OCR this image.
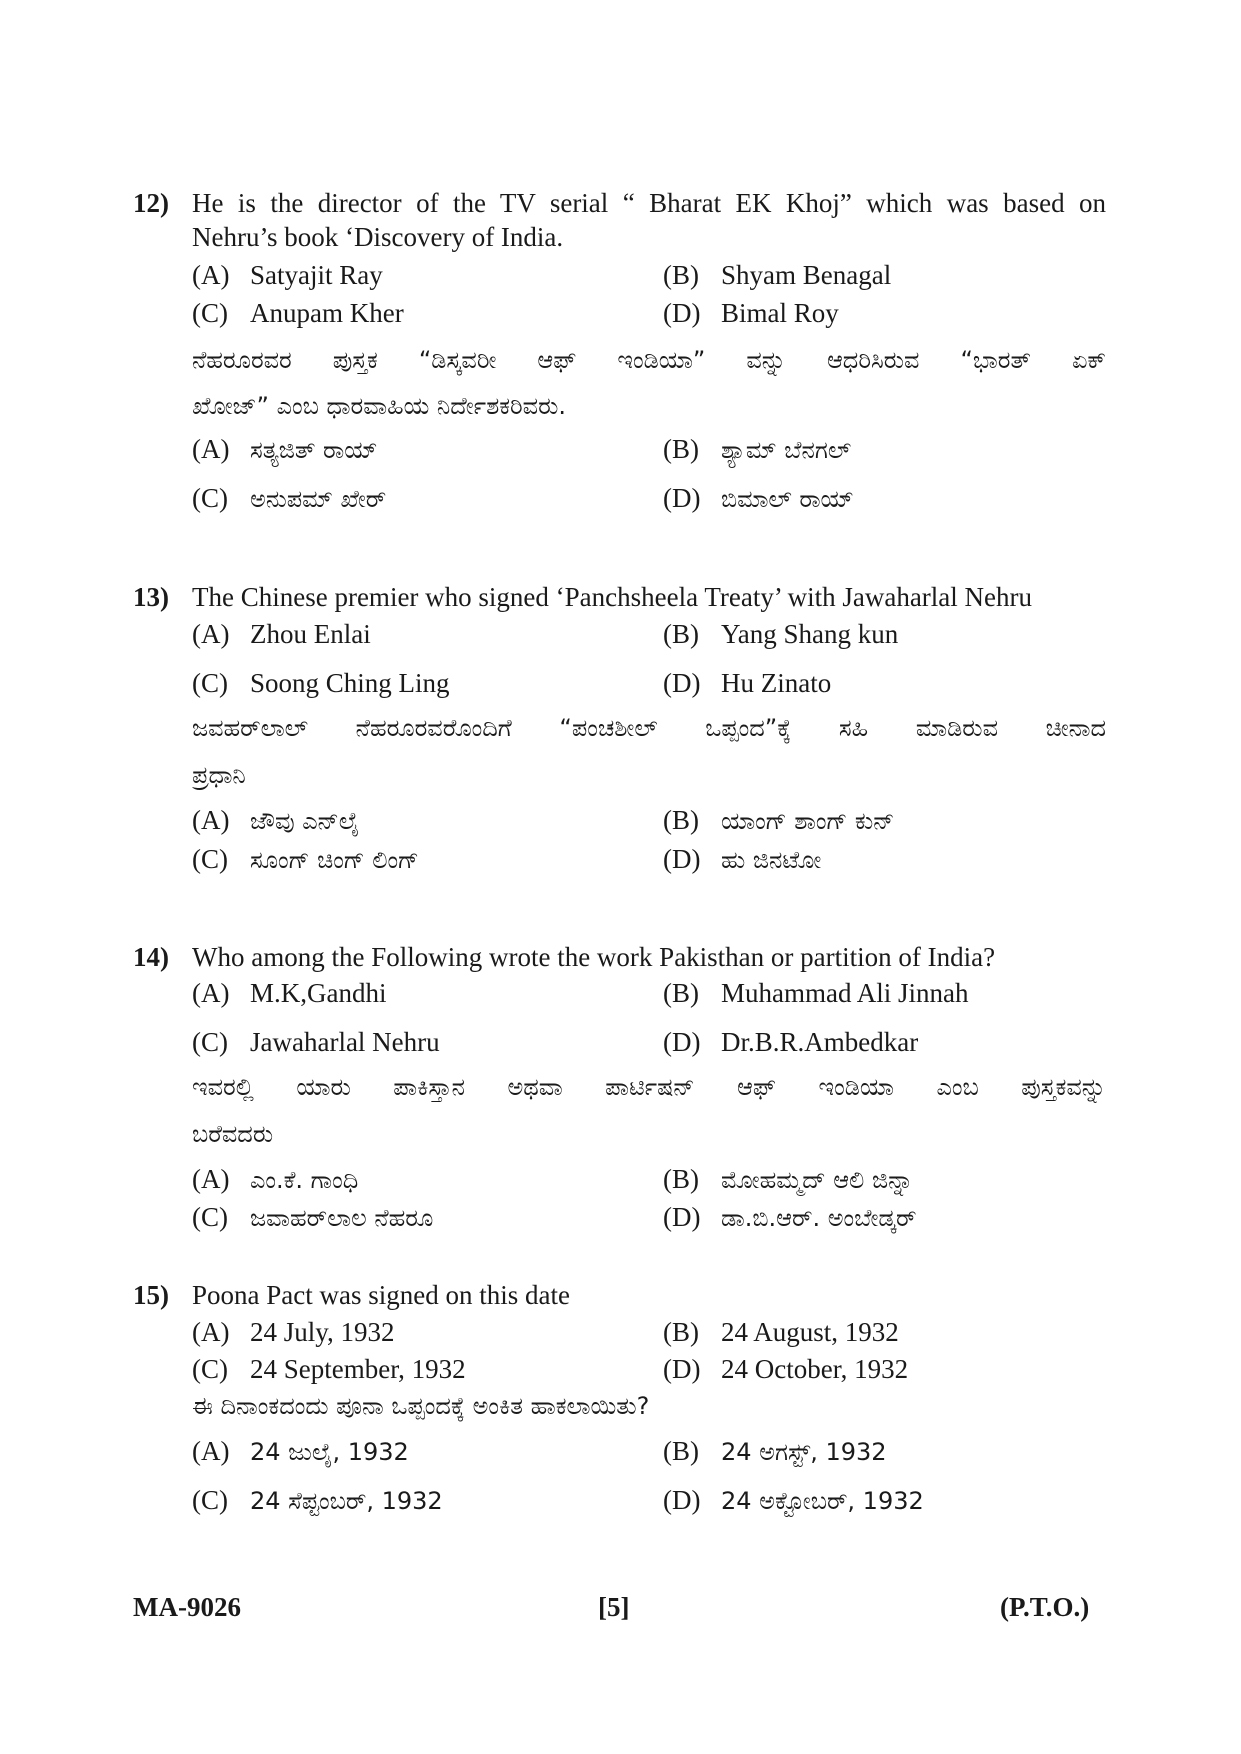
12) He is the director of the TV serial “ Bharat EK Khoj” which was based on
Nehru’s book ‘Discovery of India.
(A) Satyajit Ray	(B) Shyam Benagal
(C) Anupam Kher	(D) Bimal Roy
ನೆಹರೂರವರ ಪುಸ್ತಕ “ಡಿಸ್ಕವರೀ ಆಫ್ ಇಂಡಿಯಾ” ವನ್ನು ಆಧರಿಸಿರುವ “ಭಾರತ್ ಏಕ್
ಖೋಜ್” ಎಂಬ ಧಾರವಾಹಿಯ ನಿರ್ದೇಶಕರಿವರು.
(A) ಸತ್ಯಜಿತ್ ರಾಯ್	(B) ಶ್ಯಾಮ್ ಬೆನಗಲ್
(C) ಅನುಪಮ್ ಖೇರ್	(D) ಬಿಮಾಲ್ ರಾಯ್
13) The Chinese premier who signed ‘Panchsheela Treaty’ with Jawaharlal Nehru
(A) Zhou Enlai	(B) Yang Shang kun
(C) Soong Ching Ling	(D) Hu Zinato
ಜವಹರ್‌ಲಾಲ್ ನೆಹರೂರವರೊಂದಿಗೆ “ಪಂಚಶೀಲ್ ಒಪ್ಪಂದ”ಕ್ಕೆ ಸಹಿ ಮಾಡಿರುವ ಚೀನಾದ
ಪ್ರಧಾನಿ
(A) ಜೌವು ಎನ್‌ಲೈ	(B) ಯಾಂಗ್ ಶಾಂಗ್ ಕುನ್
(C) ಸೂಂಗ್ ಚಿಂಗ್ ಲಿಂಗ್	(D) ಹು ಜಿನಟೋ
14) Who among the Following wrote the work Pakisthan or partition of India?
(A) M.K,Gandhi	(B) Muhammad Ali Jinnah
(C) Jawaharlal Nehru	(D) Dr.B.R.Ambedkar
ಇವರಲ್ಲಿ ಯಾರು ಪಾಕಿಸ್ತಾನ ಅಥವಾ ಪಾರ್ಟಿಷನ್ ಆಫ್ ಇಂಡಿಯಾ ಎಂಬ ಪುಸ್ತಕವನ್ನು
ಬರೆವದರು
(A) ಎಂ.ಕೆ. ಗಾಂಧಿ	(B) ಮೋಹಮ್ಮದ್ ಆಲಿ ಜಿನ್ನಾ
(C) ಜವಾಹರ್‌ಲಾಲ ನೆಹರೂ	(D) ಡಾ.ಬಿ.ಆರ್. ಅಂಬೇಡ್ಕರ್
15) Poona Pact was signed on this date
(A) 24 July, 1932	(B) 24 August, 1932
(C) 24 September, 1932	(D) 24 October, 1932
ಈ ದಿನಾಂಕದಂದು ಪೂನಾ ಒಪ್ಪಂದಕ್ಕೆ ಅಂಕಿತ ಹಾಕಲಾಯಿತು?
(A) 24 ಜುಲೈ, 1932	(B) 24 ಅಗಸ್ಟ್, 1932
(C) 24 ಸೆಪ್ಟಂಬರ್, 1932	(D) 24 ಅಕ್ಟೋಬರ್, 1932
MA-9026	[5]	(P.T.O.)
